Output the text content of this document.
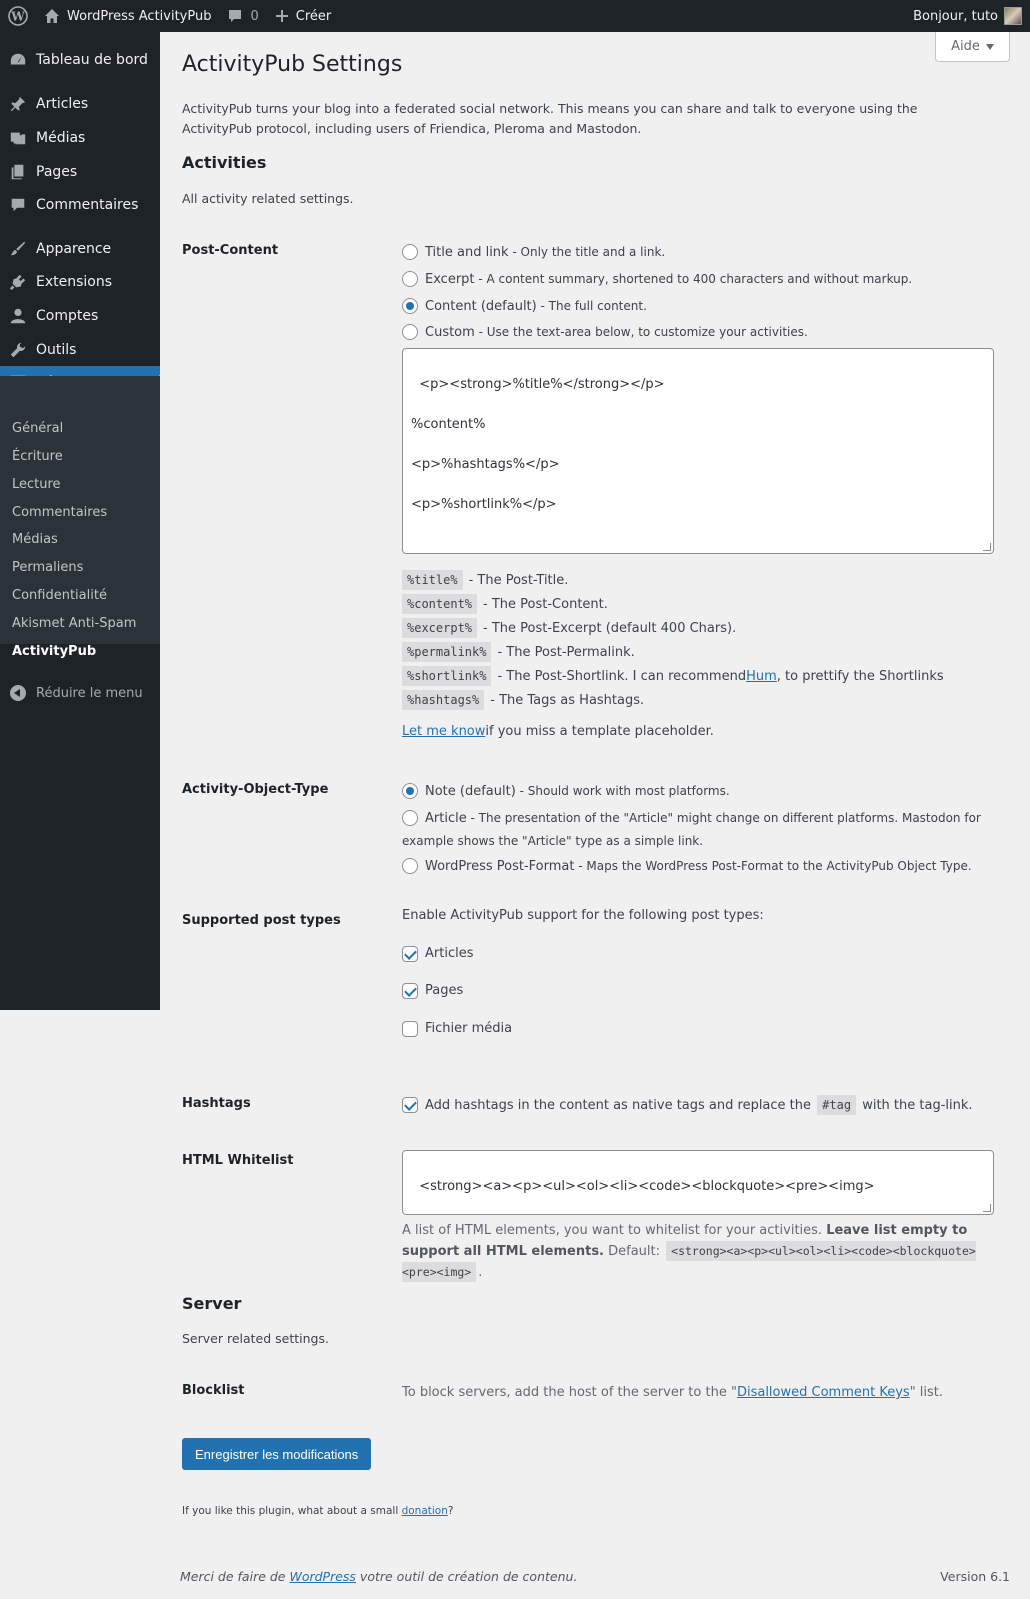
W	WordPress ActivityPub	0	Créer	Bonjour, tuto
Tableau de bord
Articles
Médias
Pages
Commentaires
Apparence
Extensions
Comptes
Outils
Général
Écriture
Lecture
Commentaires
Médias
Permaliens
Confidentialité
Akismet Anti-Spam
ActivityPub
Réduire le menu
Aide
ActivityPub Settings

ActivityPub turns your blog into a federated social network. This means you can share and talk to everyone using the ActivityPub protocol, including users of Friendica, Pleroma and Mastodon.

Activities

All activity related settings.

Post-Content	Title and link - Only the title and a link.
Excerpt - A content summary, shortened to 400 characters and without markup.
Content (default) - The full content.
Custom - Use the text-area below, to customize your activities.

<p><strong>%title%</strong></p>

%content%

<p>%hashtags%</p>

<p>%shortlink%</p>

%title% - The Post-Title.
%content% - The Post-Content.
%excerpt% - The Post-Excerpt (default 400 Chars).
%permalink% - The Post-Permalink.
%shortlink% - The Post-Shortlink. I can recommend Hum , to prettify the Shortlinks
%hashtags% - The Tags as Hashtags.
Let me know if you miss a template placeholder.
Activity-Object-Type	Note (default) - Should work with most platforms.
Article - The presentation of the "Article" might change on different platforms. Mastodon for
example shows the "Article" type as a simple link.
WordPress Post-Format - Maps the WordPress Post-Format to the ActivityPub Object Type.
Supported post types	Enable ActivityPub support for the following post types:
Articles
Pages
Fichier média
Hashtags	Add hashtags in the content as native tags and replace the #tag with the tag-link.
HTML Whitelist

<strong><a><p><ul><ol><li><code><blockquote><pre><img>

A list of HTML elements, you want to whitelist for your activities. Leave list empty to support all HTML elements. Default: <strong><a><p><ul><ol><li><code><blockquote><pre><img> .
Server

Server related settings.

Blocklist	To block servers, add the host of the server to the " Disallowed Comment Keys " list.
Enregistrer les modifications

If you like this plugin, what about a small donation?

Merci de faire de WordPress votre outil de création de contenu.	Version 6.1
